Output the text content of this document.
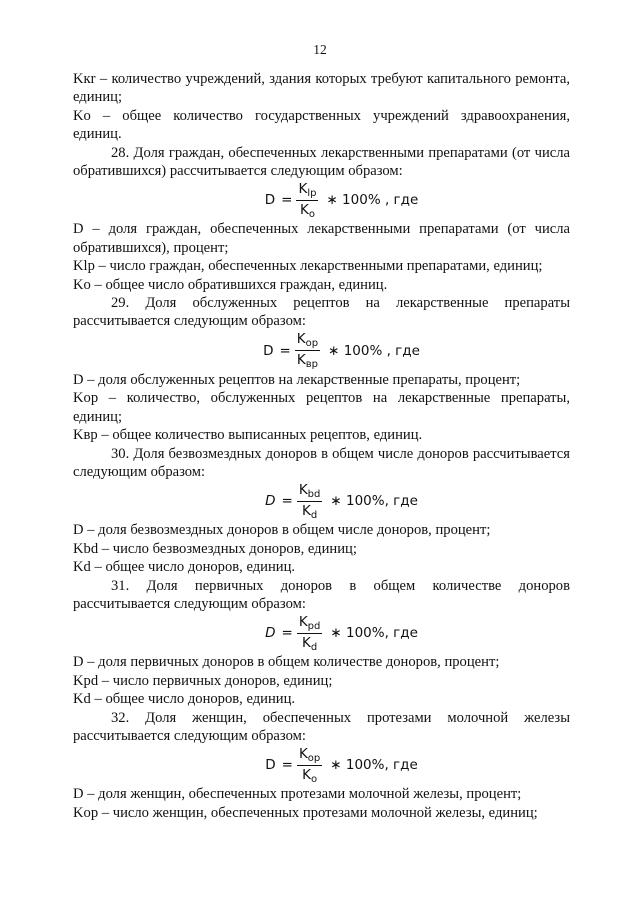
12

Kкr – количество учреждений, здания которых требуют капитального ремонта, единиц;

Kо – общее количество государственных учреждений здравоохранения, единиц.

28. Доля граждан, обеспеченных лекарственными препаратами (от числа обратившихся) рассчитывается следующим образом:

$D = \frac{K_{lp}}{K_o}$ ∗ 100% , где

D – доля граждан, обеспеченных лекарственными препаратами (от числа обратившихся), процент;

Klp – число граждан, обеспеченных лекарственными препаратами, единиц;

Kо – общее число обратившихся граждан, единиц.

29. Доля обслуженных рецептов на лекарственные препараты рассчитывается следующим образом:

$D = \frac{K_{op}}{K_{вр}}$ ∗ 100% , где

D – доля обслуженных рецептов на лекарственные препараты, процент;

Kор – количество, обслуженных рецептов на лекарственные препараты, единиц;

Kвр – общее количество выписанных рецептов, единиц.

30. Доля безвозмездных доноров в общем числе доноров рассчитывается следующим образом:

$D = \frac{K_{bd}}{K_d}$ ∗ 100%, где

D – доля безвозмездных доноров в общем числе доноров, процент;

Kbd – число безвозмездных доноров, единиц;

Kd – общее число доноров, единиц.

31. Доля первичных доноров в общем количестве доноров рассчитывается следующим образом:

$D = \frac{K_{pd}}{K_d}$ ∗ 100%, где

D – доля первичных доноров в общем количестве доноров, процент;

Kpd – число первичных доноров, единиц;

Kd – общее число доноров, единиц.

32. Доля женщин, обеспеченных протезами молочной железы рассчитывается следующим образом:

$D = \frac{K_{op}}{K_o}$ ∗ 100%, где

D – доля женщин, обеспеченных протезами молочной железы, процент;

Kор – число женщин, обеспеченных протезами молочной железы, единиц;
